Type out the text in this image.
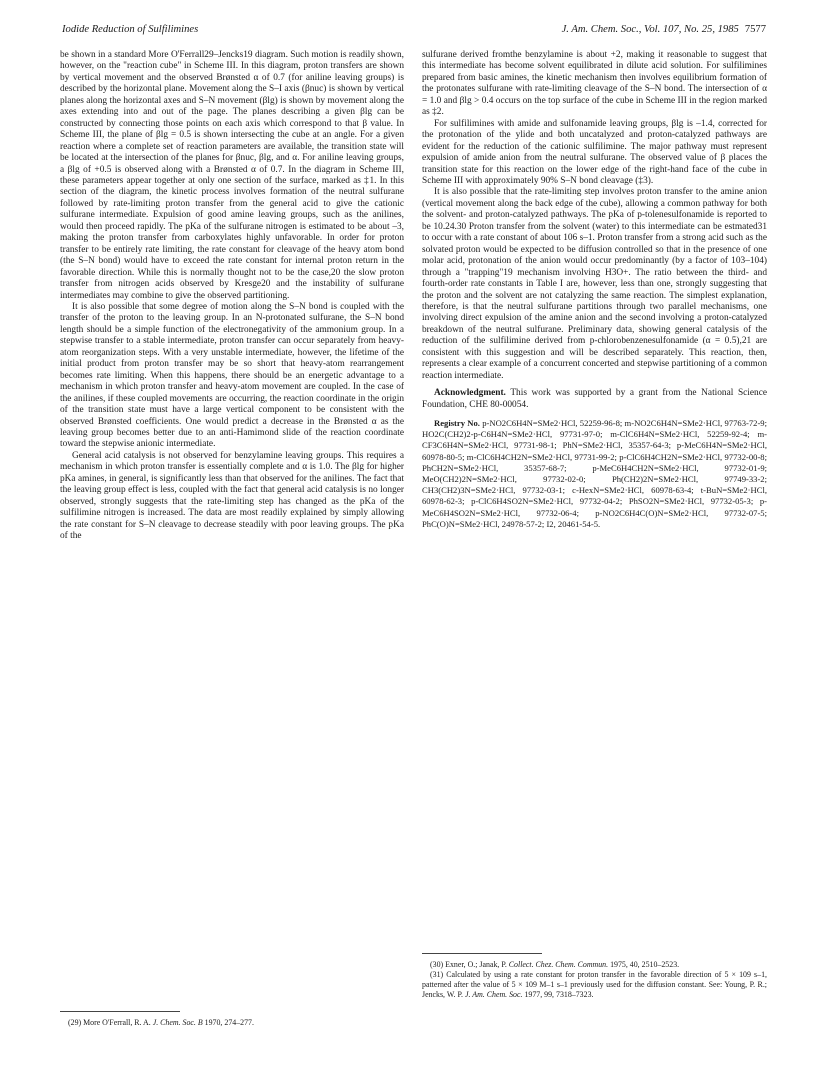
Iodide Reduction of Sulfilimines	J. Am. Chem. Soc., Vol. 107, No. 25, 1985 7577

be shown in a standard More O'Ferrall29–Jencks19 diagram. Such motion is readily shown, however, on the "reaction cube" in Scheme III. In this diagram, proton transfers are shown by vertical movement and the observed Brønsted α of 0.7 (for aniline leaving groups) is described by the horizontal plane. Movement along the S–I axis (βnuc) is shown by vertical planes along the horizontal axes and S–N movement (βlg) is shown by movement along the axes extending into and out of the page. The planes describing a given βlg can be constructed by connecting those points on each axis which correspond to that β value. In Scheme III, the plane of βlg = 0.5 is shown intersecting the cube at an angle. For a given reaction where a complete set of reaction parameters are available, the transition state will be located at the intersection of the planes for βnuc, βlg, and α. For aniline leaving groups, a βlg of +0.5 is observed along with a Brønsted α of 0.7. In the diagram in Scheme III, these parameters appear together at only one section of the surface, marked as ‡1. In this section of the diagram, the kinetic process involves formation of the neutral sulfurane followed by rate-limiting proton transfer from the general acid to give the cationic sulfurane intermediate. Expulsion of good amine leaving groups, such as the anilines, would then proceed rapidly. The pKa of the sulfurane nitrogen is estimated to be about –3, making the proton transfer from carboxylates highly unfavorable. In order for proton transfer to be entirely rate limiting, the rate constant for cleavage of the heavy atom bond (the S–N bond) would have to exceed the rate constant for internal proton return in the favorable direction. While this is normally thought not to be the case,20 the slow proton transfer from nitrogen acids observed by Kresge20 and the instability of sulfurane intermediates may combine to give the observed partitioning.

It is also possible that some degree of motion along the S–N bond is coupled with the transfer of the proton to the leaving group. In an N-protonated sulfurane, the S–N bond length should be a simple function of the electronegativity of the ammonium group. In a stepwise transfer to a stable intermediate, proton transfer can occur separately from heavy-atom reorganization steps. With a very unstable intermediate, however, the lifetime of the initial product from proton transfer may be so short that heavy-atom rearrangement becomes rate limiting. When this happens, there should be an energetic advantage to a mechanism in which proton transfer and heavy-atom movement are coupled. In the case of the anilines, if these coupled movements are occurring, the reaction coordinate in the origin of the transition state must have a large vertical component to be consistent with the observed Brønsted coefficients. One would predict a decrease in the Brønsted α as the leaving group becomes better due to an anti-Hamimond slide of the reaction coordinate toward the stepwise anionic intermediate.

General acid catalysis is not observed for benzylamine leaving groups. This requires a mechanism in which proton transfer is essentially complete and α is 1.0. The βlg for higher pKa amines, in general, is significantly less than that observed for the anilines. The fact that the leaving group effect is less, coupled with the fact that general acid catalysis is no longer observed, strongly suggests that the rate-limiting step has changed as the pKa of the sulfilimine nitrogen is increased. The data are most readily explained by simply allowing the rate constant for S–N cleavage to decrease steadily with poor leaving groups. The pKa of the

sulfurane derived fromthe benzylamine is about +2, making it reasonable to suggest that this intermediate has become solvent equilibrated in dilute acid solution. For sulfilimines prepared from basic amines, the kinetic mechanism then involves equilibrium formation of the protonates sulfurane with rate-limiting cleavage of the S–N bond. The intersection of α = 1.0 and βlg > 0.4 occurs on the top surface of the cube in Scheme III in the region marked as ‡2.

For sulfilimines with amide and sulfonamide leaving groups, βlg is –1.4, corrected for the protonation of the ylide and both uncatalyzed and proton-catalyzed pathways are evident for the reduction of the cationic sulfilimine. The major pathway must represent expulsion of amide anion from the neutral sulfurane. The observed value of β places the transition state for this reaction on the lower edge of the right-hand face of the cube in Scheme III with approximately 90% S–N bond cleavage (‡3).

It is also possible that the rate-limiting step involves proton transfer to the amine anion (vertical movement along the back edge of the cube), allowing a common pathway for both the solvent- and proton-catalyzed pathways. The pKa of p-tolenesulfonamide is reported to be 10.24.30 Proton transfer from the solvent (water) to this intermediate can be estmated31 to occur with a rate constant of about 106 s–1. Proton transfer from a strong acid such as the solvated proton would be expected to be diffusion controlled so that in the presence of one molar acid, protonation of the anion would occur predominantly (by a factor of 103–104) through a "trapping"19 mechanism involving H3O+. The ratio between the third- and fourth-order rate constants in Table I are, however, less than one, strongly suggesting that the proton and the solvent are not catalyzing the same reaction. The simplest explanation, therefore, is that the neutral sulfurane partitions through two parallel mechanisms, one involving direct expulsion of the amine anion and the second involving a proton-catalyzed breakdown of the neutral sulfurane. Preliminary data, showing general catalysis of the reduction of the sulfilimine derived from p-chlorobenzenesulfonamide (α = 0.5),21 are consistent with this suggestion and will be described separately. This reaction, then, represents a clear example of a concurrent concerted and stepwise partitioning of a common reaction intermediate.

Acknowledgment. This work was supported by a grant from the National Science Foundation, CHE 80-00054.

Registry No. p-NO2C6H4N=SMe2·HCl, 52259-96-8; m-NO2C6H4N=SMe2·HCl, 97763-72-9; HO2C(CH2)2-p-C6H4N=SMe2·HCl, 97731-97-0; m-ClC6H4N=SMe2·HCl, 52259-92-4; m-CF3C6H4N=SMe2·HCl, 97731-98-1; PhN=SMe2·HCl, 35357-64-3; p-MeC6H4N=SMe2·HCl, 60978-80-5; m-ClC6H4CH2N=SMe2·HCl, 97731-99-2; p-ClC6H4CH2N=SMe2·HCl, 97732-00-8; PhCH2N=SMe2·HCl, 35357-68-7; p-MeC6H4CH2N=SMe2·HCl, 97732-01-9; MeO(CH2)2N=SMe2·HCl, 97732-02-0; Ph(CH2)2N=SMe2·HCl, 97749-33-2; CH3(CH2)3N=SMe2·HCl, 97732-03-1; c-HexN=SMe2·HCl, 60978-63-4; t-BuN=SMe2·HCl, 60978-62-3; p-ClC6H4SO2N=SMe2·HCl, 97732-04-2; PhSO2N=SMe2·HCl, 97732-05-3; p-MeC6H4SO2N=SMe2·HCl, 97732-06-4; p-NO2C6H4C(O)N=SMe2·HCl, 97732-07-5; PhC(O)N=SMe2·HCl, 24978-57-2; I2, 20461-54-5.

(29) More O'Ferrall, R. A. J. Chem. Soc. B 1970, 274–277.

(30) Exner, O.; Janak, P. Collect. Chez. Chem. Commun. 1975, 40, 2510–2523.

(31) Calculated by using a rate constant for proton transfer in the favorable direction of 5 × 109 s–1, patterned after the value of 5 × 109 M–1 s–1 previously used for the diffusion constant. See: Young, P. R.; Jencks, W. P. J. Am. Chem. Soc. 1977, 99, 7318–7323.
